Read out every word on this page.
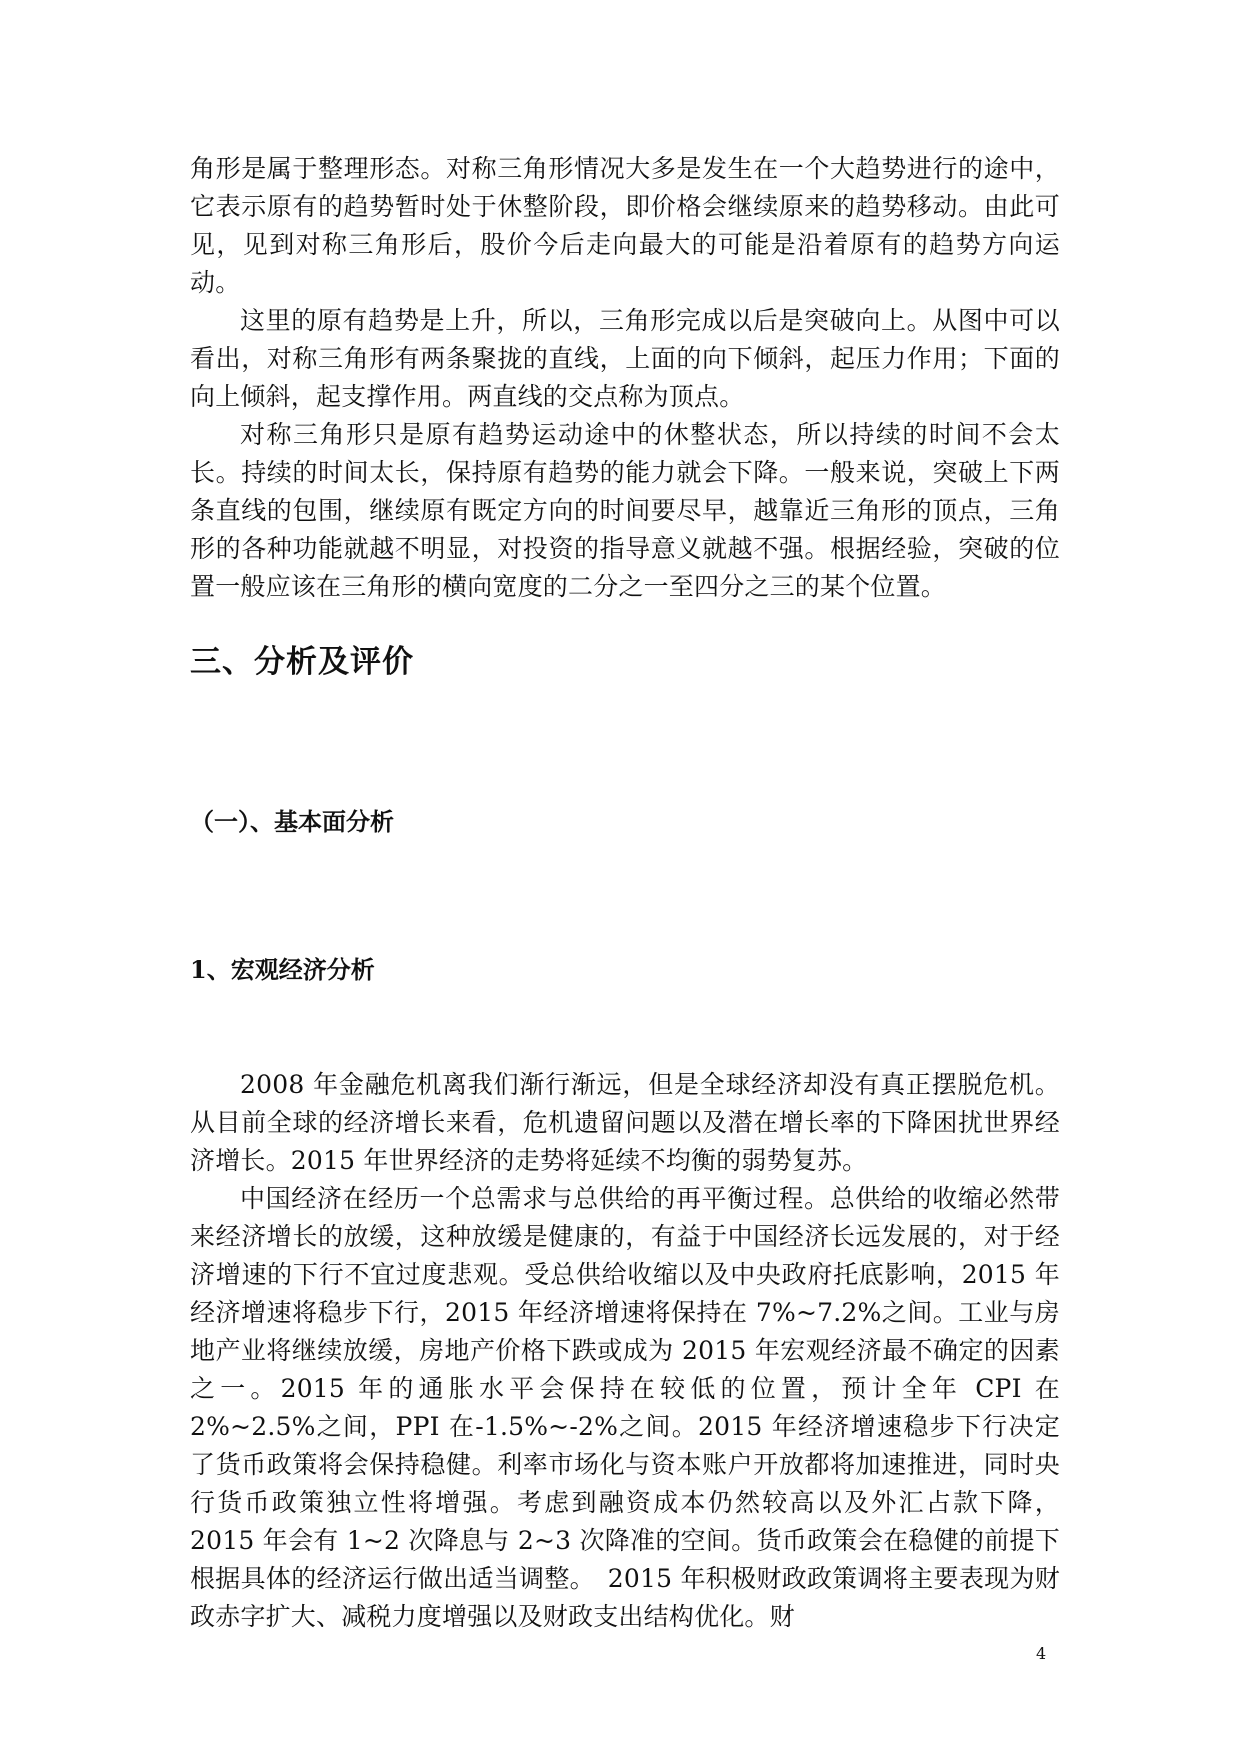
角形是属于整理形态。对称三角形情况大多是发生在一个大趋势进行的途中，它表示原有的趋势暂时处于休整阶段，即价格会继续原来的趋势移动。由此可见，见到对称三角形后，股价今后走向最大的可能是沿着原有的趋势方向运动。

这里的原有趋势是上升，所以，三角形完成以后是突破向上。从图中可以看出，对称三角形有两条聚拢的直线，上面的向下倾斜，起压力作用；下面的向上倾斜，起支撑作用。两直线的交点称为顶点。

对称三角形只是原有趋势运动途中的休整状态，所以持续的时间不会太长。持续的时间太长，保持原有趋势的能力就会下降。一般来说，突破上下两条直线的包围，继续原有既定方向的时间要尽早，越靠近三角形的顶点，三角形的各种功能就越不明显，对投资的指导意义就越不强。根据经验，突破的位置一般应该在三角形的横向宽度的二分之一至四分之三的某个位置。

三、分析及评价
（一）、基本面分析
1、宏观经济分析

2008 年金融危机离我们渐行渐远，但是全球经济却没有真正摆脱危机。从目前全球的经济增长来看，危机遗留问题以及潜在增长率的下降困扰世界经济增长。2015 年世界经济的走势将延续不均衡的弱势复苏。

中国经济在经历一个总需求与总供给的再平衡过程。总供给的收缩必然带来经济增长的放缓，这种放缓是健康的，有益于中国经济长远发展的，对于经济增速的下行不宜过度悲观。受总供给收缩以及中央政府托底影响，2015 年经济增速将稳步下行，2015 年经济增速将保持在 7%~7.2%之间。工业与房地产业将继续放缓，房地产价格下跌或成为 2015 年宏观经济最不确定的因素之一。2015 年的通胀水平会保持在较低的位置，预计全年 CPI 在 2%~2.5%之间，PPI 在-1.5%~-2%之间。2015 年经济增速稳步下行决定了货币政策将会保持稳健。利率市场化与资本账户开放都将加速推进，同时央行货币政策独立性将增强。考虑到融资成本仍然较高以及外汇占款下降，2015 年会有 1~2 次降息与 2~3 次降准的空间。货币政策会在稳健的前提下根据具体的经济运行做出适当调整。　2015 年积极财政政策调将主要表现为财政赤字扩大、减税力度增强以及财政支出结构优化。财

4
